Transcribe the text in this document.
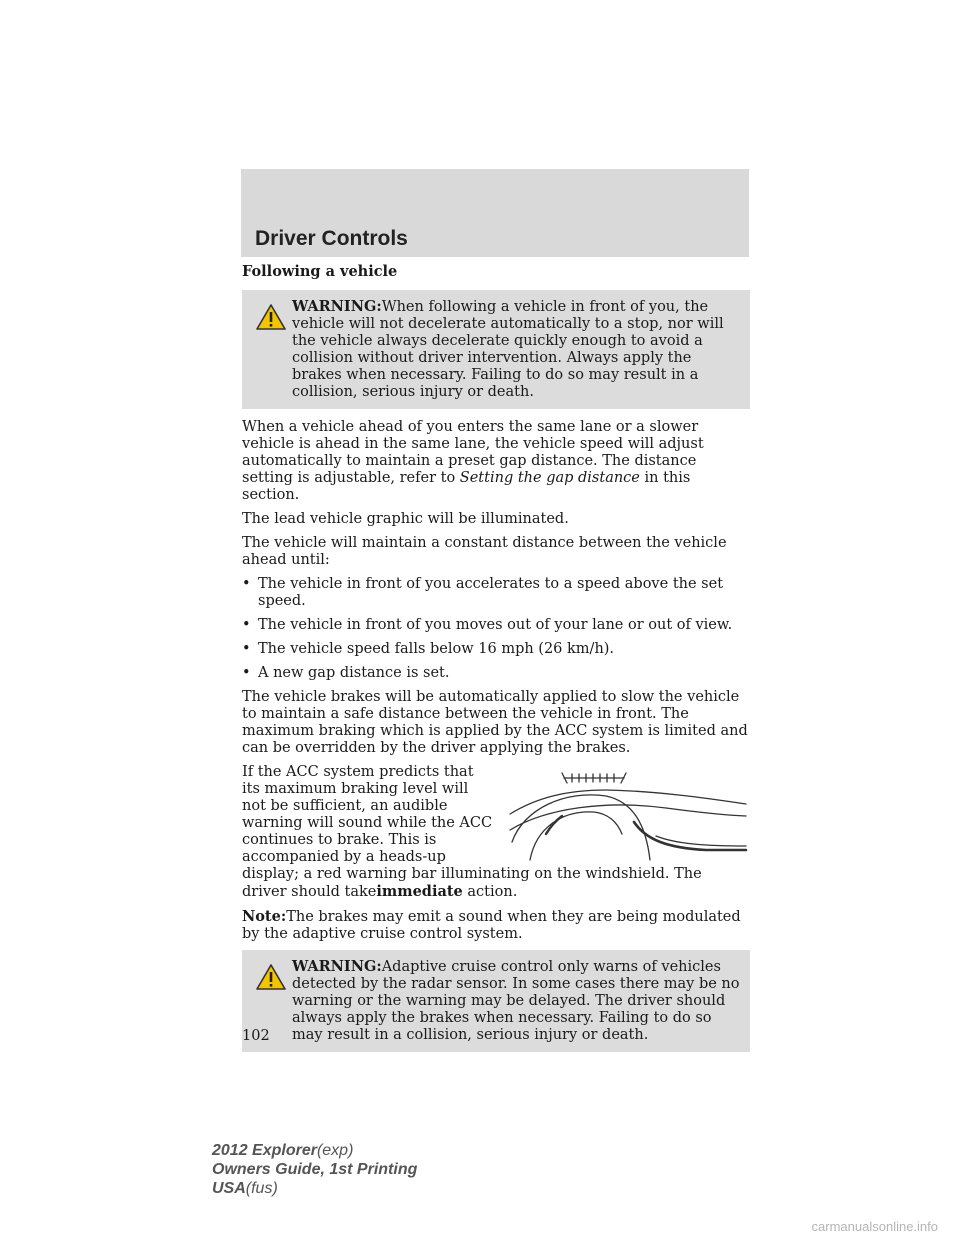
Driver Controls

Following a vehicle

WARNING:When following a vehicle in front of you, the vehicle will not decelerate automatically to a stop, nor will the vehicle always decelerate quickly enough to avoid a collision without driver intervention. Always apply the brakes when necessary. Failing to do so may result in a collision, serious injury or death.

When a vehicle ahead of you enters the same lane or a slower vehicle is ahead in the same lane, the vehicle speed will adjust automatically to maintain a preset gap distance. The distance setting is adjustable, refer to Setting the gap distance in this section.

The lead vehicle graphic will be illuminated.

The vehicle will maintain a constant distance between the vehicle ahead until:

• The vehicle in front of you accelerates to a speed above the set speed.
• The vehicle in front of you moves out of your lane or out of view.
• The vehicle speed falls below 16 mph (26 km/h).
• A new gap distance is set.

The vehicle brakes will be automatically applied to slow the vehicle to maintain a safe distance between the vehicle in front. The maximum braking which is applied by the ACC system is limited and can be overridden by the driver applying the brakes.

If the ACC system predicts that its maximum braking level will not be sufficient, an audible warning will sound while the ACC continues to brake. This is accompanied by a heads-up display; a red warning bar illuminating on the windshield. The driver should takeimmediate action.

Note:The brakes may emit a sound when they are being modulated by the adaptive cruise control system.

WARNING:Adaptive cruise control only warns of vehicles detected by the radar sensor. In some cases there may be no warning or the warning may be delayed. The driver should always apply the brakes when necessary. Failing to do so may result in a collision, serious injury or death.
102
2012 Explorer(exp)
Owners Guide, 1st Printing
USA(fus)
carmanualsonline.info
